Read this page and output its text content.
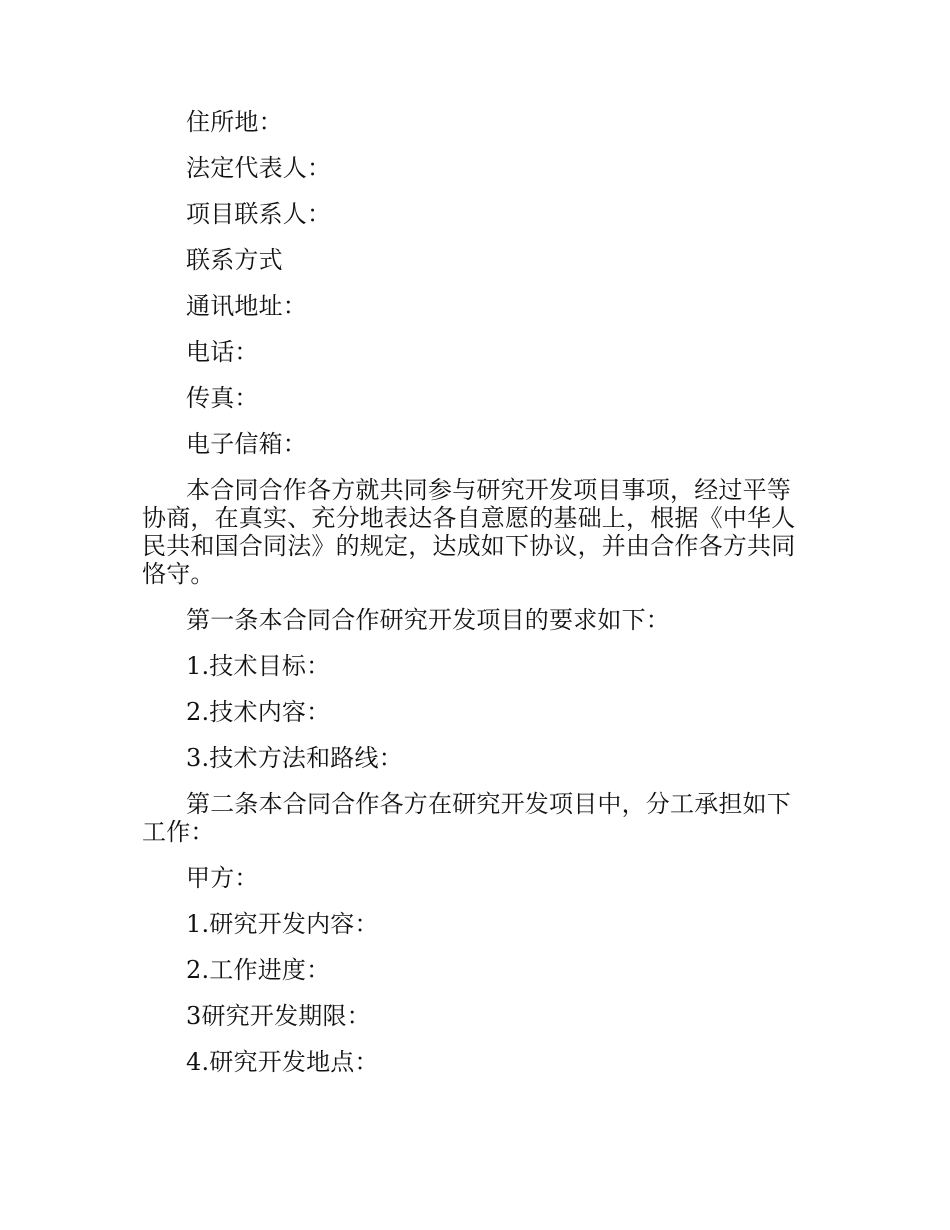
住所地：

法定代表人：

项目联系人：

联系方式

通讯地址：

电话：

传真：

电子信箱：

本合同合作各方就共同参与研究开发项目事项，经过平等协商，在真实、充分地表达各自意愿的基础上，根据《中华人民共和国合同法》的规定，达成如下协议，并由合作各方共同恪守。

第一条本合同合作研究开发项目的要求如下：

1.技术目标：

2.技术内容：

3.技术方法和路线：

第二条本合同合作各方在研究开发项目中，分工承担如下工作：

甲方：

1.研究开发内容：

2.工作进度：

3研究开发期限：

4.研究开发地点：
